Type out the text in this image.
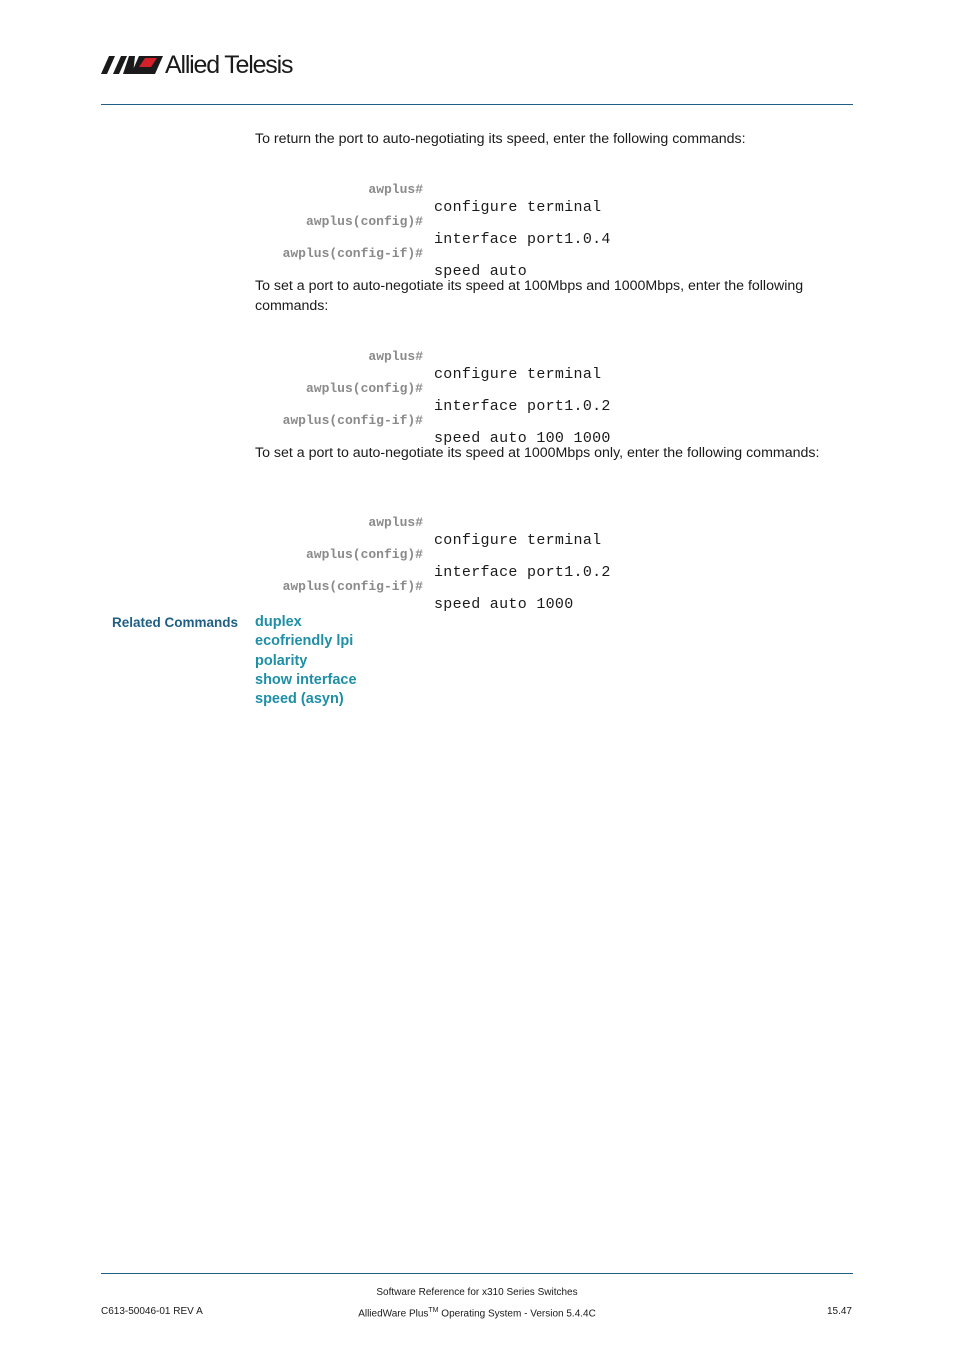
Allied Telesis
To return the port to auto-negotiating its speed, enter the following commands:

awplus#

configure terminal

awplus(config)#

interface port1.0.4

awplus(config-if)#

speed auto

To set a port to auto-negotiate its speed at 100Mbps and 1000Mbps, enter the following commands:

awplus#

configure terminal

awplus(config)#

interface port1.0.2

awplus(config-if)#

speed auto 100 1000

To set a port to auto-negotiate its speed at 1000Mbps only, enter the following commands:

awplus#

configure terminal

awplus(config)#

interface port1.0.2

awplus(config-if)#

speed auto 1000

Related Commands duplex
ecofriendly lpi
polarity
show interface
speed (asyn)
Software Reference for x310 Series Switches
AlliedWare Plus™ Operating System - Version 5.4.4C
C613-50046-01 REV A	15.47
